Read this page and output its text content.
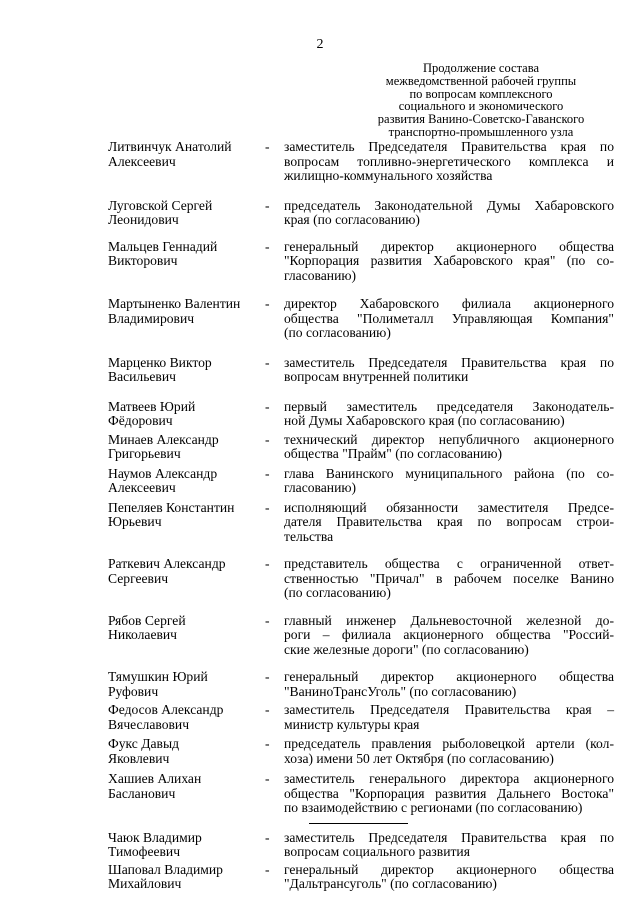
2
Продолжение состава
межведомственной рабочей группы
по вопросам комплексного
социального и экономического
развития Ванино-Советско-Гаванского
транспортно-промышленного узла
Литвинчук Анатолий
Алексеевич
- заместитель Председателя Правительства края по
вопросам топливно-энергетического комплекса и
жилищно-коммунального хозяйства
Луговской Сергей
Леонидович
- председатель Законодательной Думы Хабаровского
края (по согласованию)
Мальцев Геннадий
Викторович
- генеральный директор акционерного общества
"Корпорация развития Хабаровского края" (по со-
гласованию)
Мартыненко Валентин
Владимирович
- директор Хабаровского филиала акционерного
общества "Полиметалл Управляющая Компания"
(по согласованию)
Марценко Виктор
Васильевич
- заместитель Председателя Правительства края по
вопросам внутренней политики
Матвеев Юрий
Фёдорович
- первый заместитель председателя Законодатель-
ной Думы Хабаровского края (по согласованию)
Минаев Александр
Григорьевич
- технический директор непубличного акционерного
общества "Прайм" (по согласованию)
Наумов Александр
Алексеевич
- глава Ванинского муниципального района (по со-
гласованию)
Пепеляев Константин
Юрьевич
- исполняющий обязанности заместителя Предсе-
дателя Правительства края по вопросам строи-
тельства
Раткевич Александр
Сергеевич
- представитель общества с ограниченной ответ-
ственностью "Причал" в рабочем поселке Ванино
(по согласованию)
Рябов Сергей
Николаевич
- главный инженер Дальневосточной железной до-
роги – филиала акционерного общества "Россий-
ские железные дороги" (по согласованию)
Тямушкин Юрий
Руфович
- генеральный директор акционерного общества
"ВаниноТрансУголь" (по согласованию)
Федосов Александр
Вячеславович
- заместитель Председателя Правительства края –
министр культуры края
Фукс Давыд
Яковлевич
- председатель правления рыболовецкой артели (кол-
хоза) имени 50 лет Октября (по согласованию)
Хашиев Алихан
Басланович
- заместитель генерального директора акционерного
общества "Корпорация развития Дальнего Востока"
по взаимодействию с регионами (по согласованию)
Чаюк Владимир
Тимофеевич
- заместитель Председателя Правительства края по
вопросам социального развития
Шаповал Владимир
Михайлович
- генеральный директор акционерного общества
"Дальтрансуголь" (по согласованию)
